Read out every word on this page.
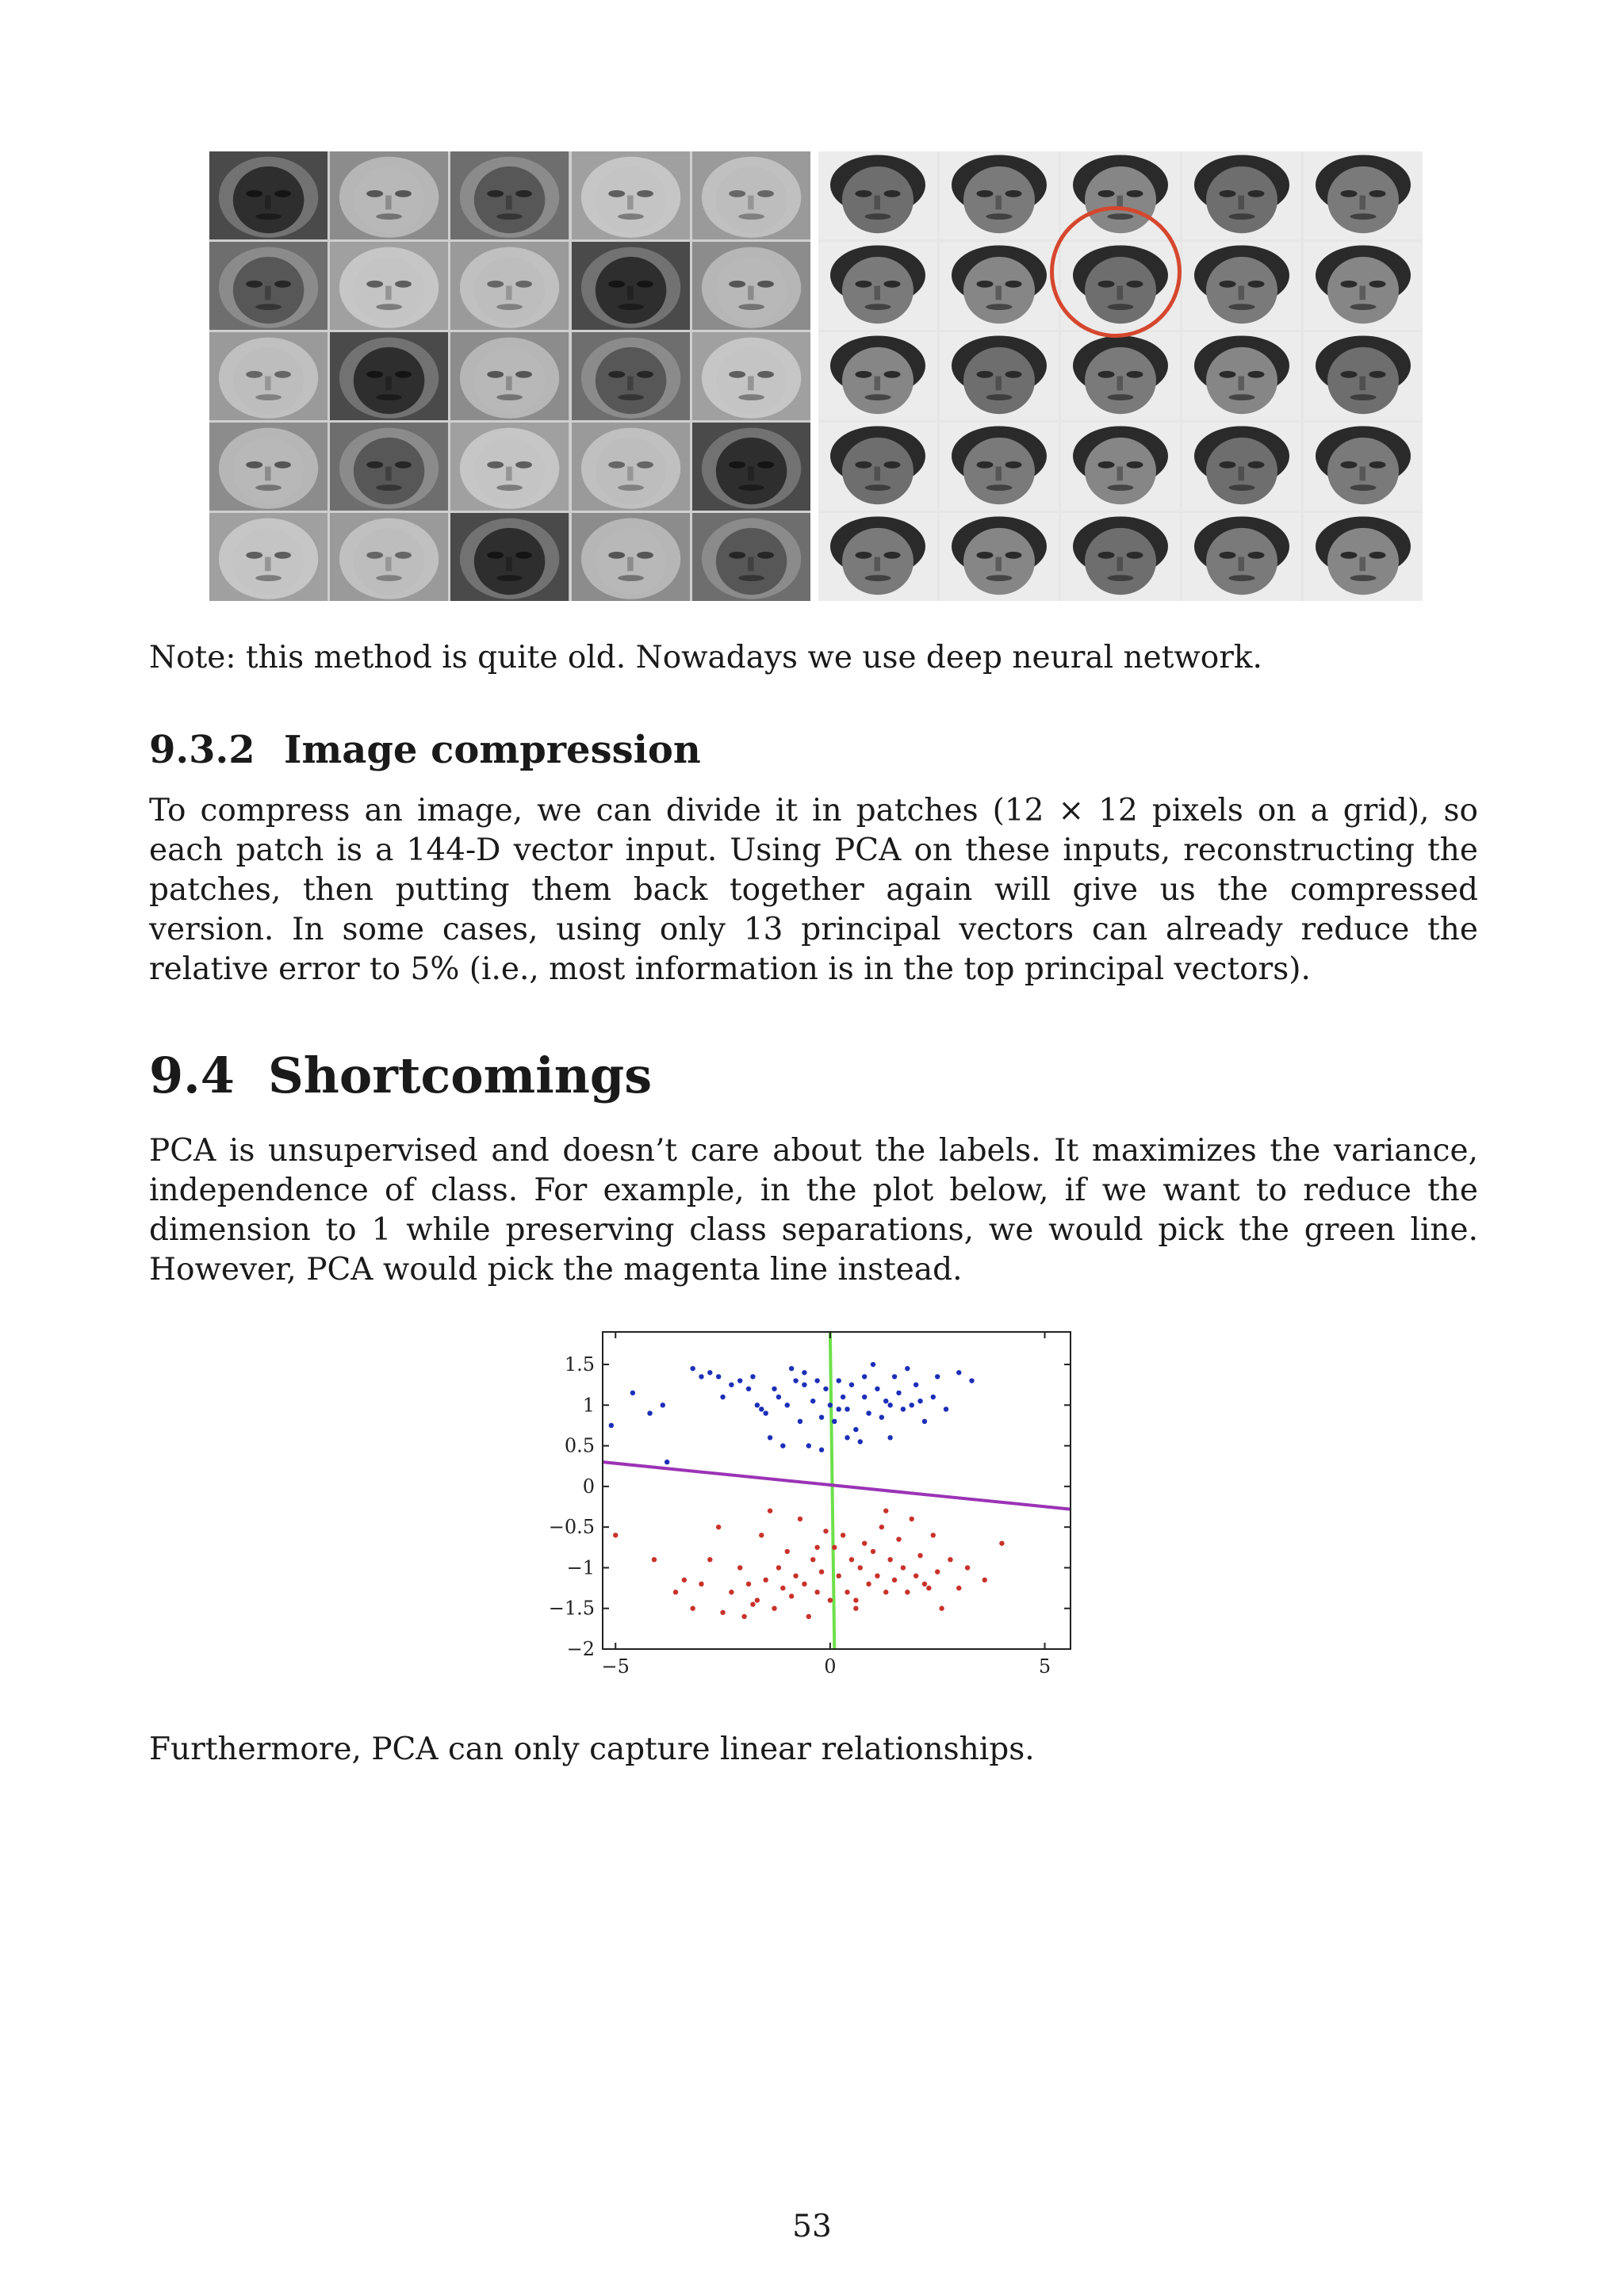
Note: this method is quite old. Nowadays we use deep neural network.

9.3.2 Image compression

To compress an image, we can divide it in patches (12 × 12 pixels on a grid), so each patch is a 144-D vector input. Using PCA on these inputs, reconstructing the patches, then putting them back together again will give us the compressed version. In some cases, using only 13 principal vectors can already reduce the relative error to 5% (i.e., most information is in the top principal vectors).

9.4 Shortcomings

PCA is unsupervised and doesn’t care about the labels. It maximizes the variance, independence of class. For example, in the plot below, if we want to reduce the dimension to 1 while preserving class separations, we would pick the green line. However, PCA would pick the magenta line instead.

−5	0	5
1.5
1
0.5
0
−0.5
−1
−1.5
−2

Furthermore, PCA can only capture linear relationships.

53
